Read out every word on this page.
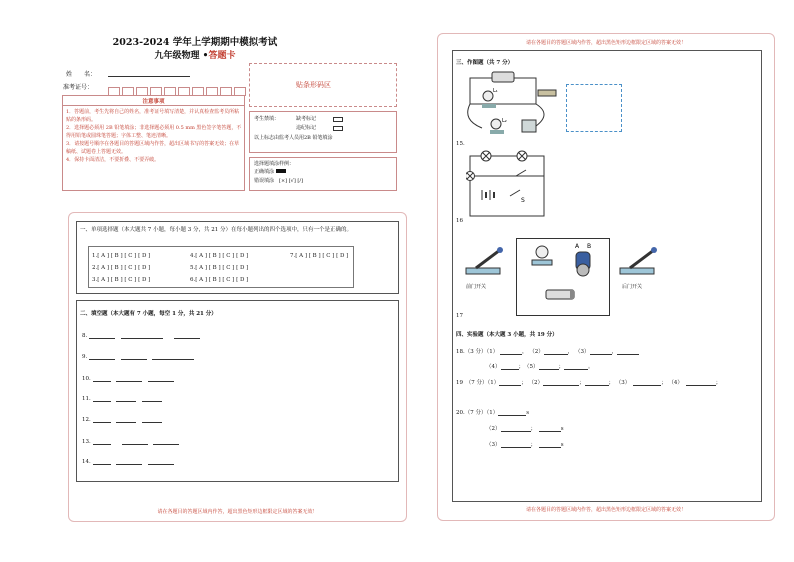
2023-2024 学年上学期期中模拟考试
九年级物理 •答题卡
姓　　名：
准考证号：	贴条形码区
注意事项
1．答题前，考生先将自己的姓名，准考证号填写清楚，并认真检查监考员所粘贴的条形码。
2．选择题必须用 2B 铅笔填涂；非选择题必须用 0.5 mm 黑色签字笔答题，不得用铅笔或圆珠笔答题；字体工整、笔迹清晰。
3．请按题号顺序在各题目的答题区域内作答，超出区域书写的答案无效；在草稿纸、试题卷上答题无效。
4．保持卡面清洁，不要折叠、不要弄破。
考生禁填：	缺考标记
违纪标记
以上标志由监考人员用2B 铅笔填涂
选择题填涂样例：
正确填涂
错误填涂　 [×] [√] [/]
一、单项选择题（本大题共 7 小题，每小题 3 分，共 21 分）在每小题列出的四个选项中，只有一个是正确的。
1.[ A ] [ B ] [ C ] [ D ]
2.[ A ] [ B ] [ C ] [ D ]
3.[ A ] [ B ] [ C ] [ D ]
4.[ A ] [ B ] [ C ] [ D ]
5.[ A ] [ B ] [ C ] [ D ]
6.[ A ] [ B ] [ C ] [ D ]
7.[ A ] [ B ] [ C ] [ D ]
二、填空题（本大题有 7 小题，每空 1 分，共 21 分）
8. 　　　
9. 　　
10. 　　
11. 　　
12. 　　
13. 　　　
14. 　　
请在各题目的答题区域内作答，超出黑色矩形边框限定区域的答案无效！
请在各题目的答题区域内作答，超出黑色矩形边框限定区域的答案无效！
三、作图题（共 7 分）
L₁
L₂
15.
S
16
前门开关	后门开关
A B
17
四、实验题（本大题 3 小题，共 19 分）
18.（3 分）（1）	， （2）	， （3）	，
（4）	；　 （5）	；	。
19　（7 分）（1）	； （2）	；	； （3）　	； （4）　	；
20.（7 分）（1）	s
（2）	；　	s
（3）	；　	s
请在各题目的答题区域内作答，超出黑色矩形边框限定区域的答案无效！
